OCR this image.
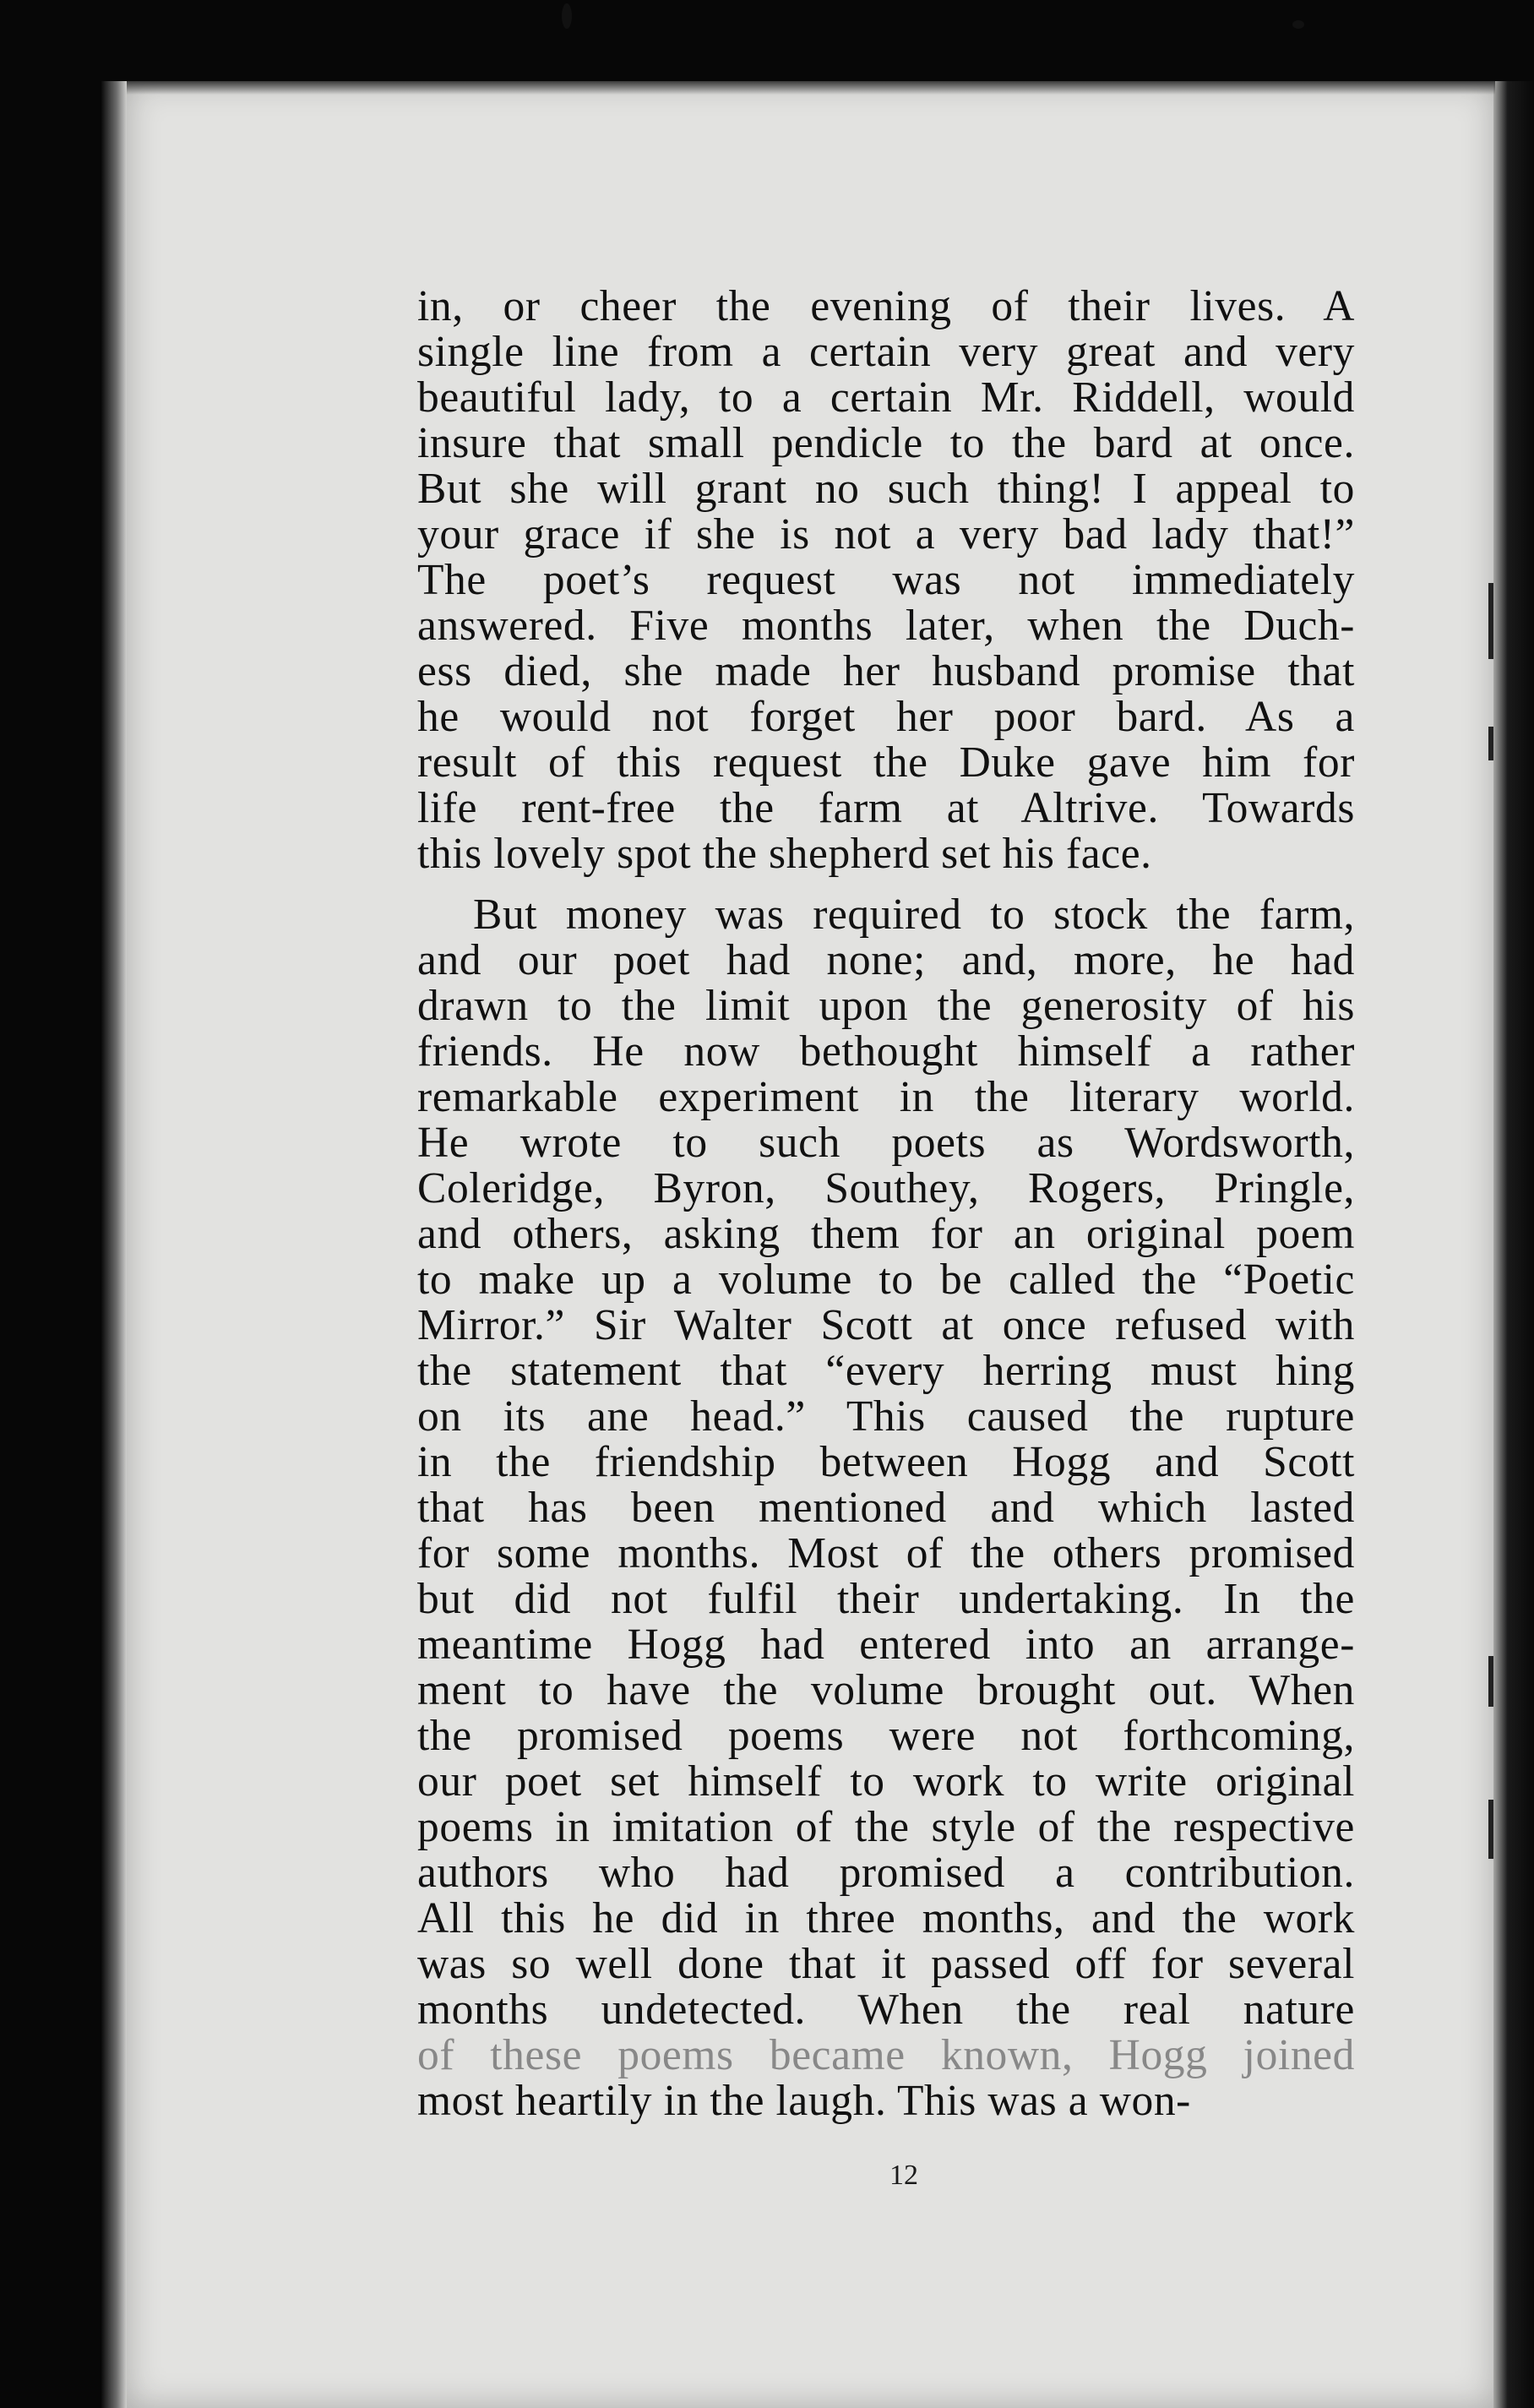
in, or cheer the evening of their lives. A
single line from a certain very great and very
beautiful lady, to a certain Mr. Riddell, would
insure that small pendicle to the bard at once.
But she will grant no such thing! I appeal to
your grace if she is not a very bad lady that!”
The poet’s request was not immediately
answered. Five months later, when the Duch-
ess died, she made her husband promise that
he would not forget her poor bard. As a
result of this request the Duke gave him for
life rent-free the farm at Altrive. Towards
this lovely spot the shepherd set his face.
But money was required to stock the farm,
and our poet had none; and, more, he had
drawn to the limit upon the generosity of his
friends. He now bethought himself a rather
remarkable experiment in the literary world.
He wrote to such poets as Wordsworth,
Coleridge, Byron, Southey, Rogers, Pringle,
and others, asking them for an original poem
to make up a volume to be called the “Poetic
Mirror.” Sir Walter Scott at once refused with
the statement that “every herring must hing
on its ane head.” This caused the rupture
in the friendship between Hogg and Scott
that has been mentioned and which lasted
for some months. Most of the others promised
but did not fulfil their undertaking. In the
meantime Hogg had entered into an arrange-
ment to have the volume brought out. When
the promised poems were not forthcoming,
our poet set himself to work to write original
poems in imitation of the style of the respective
authors who had promised a contribution.
All this he did in three months, and the work
was so well done that it passed off for several
months undetected. When the real nature
of these poems became known, Hogg joined
most heartily in the laugh. This was a won-
12
